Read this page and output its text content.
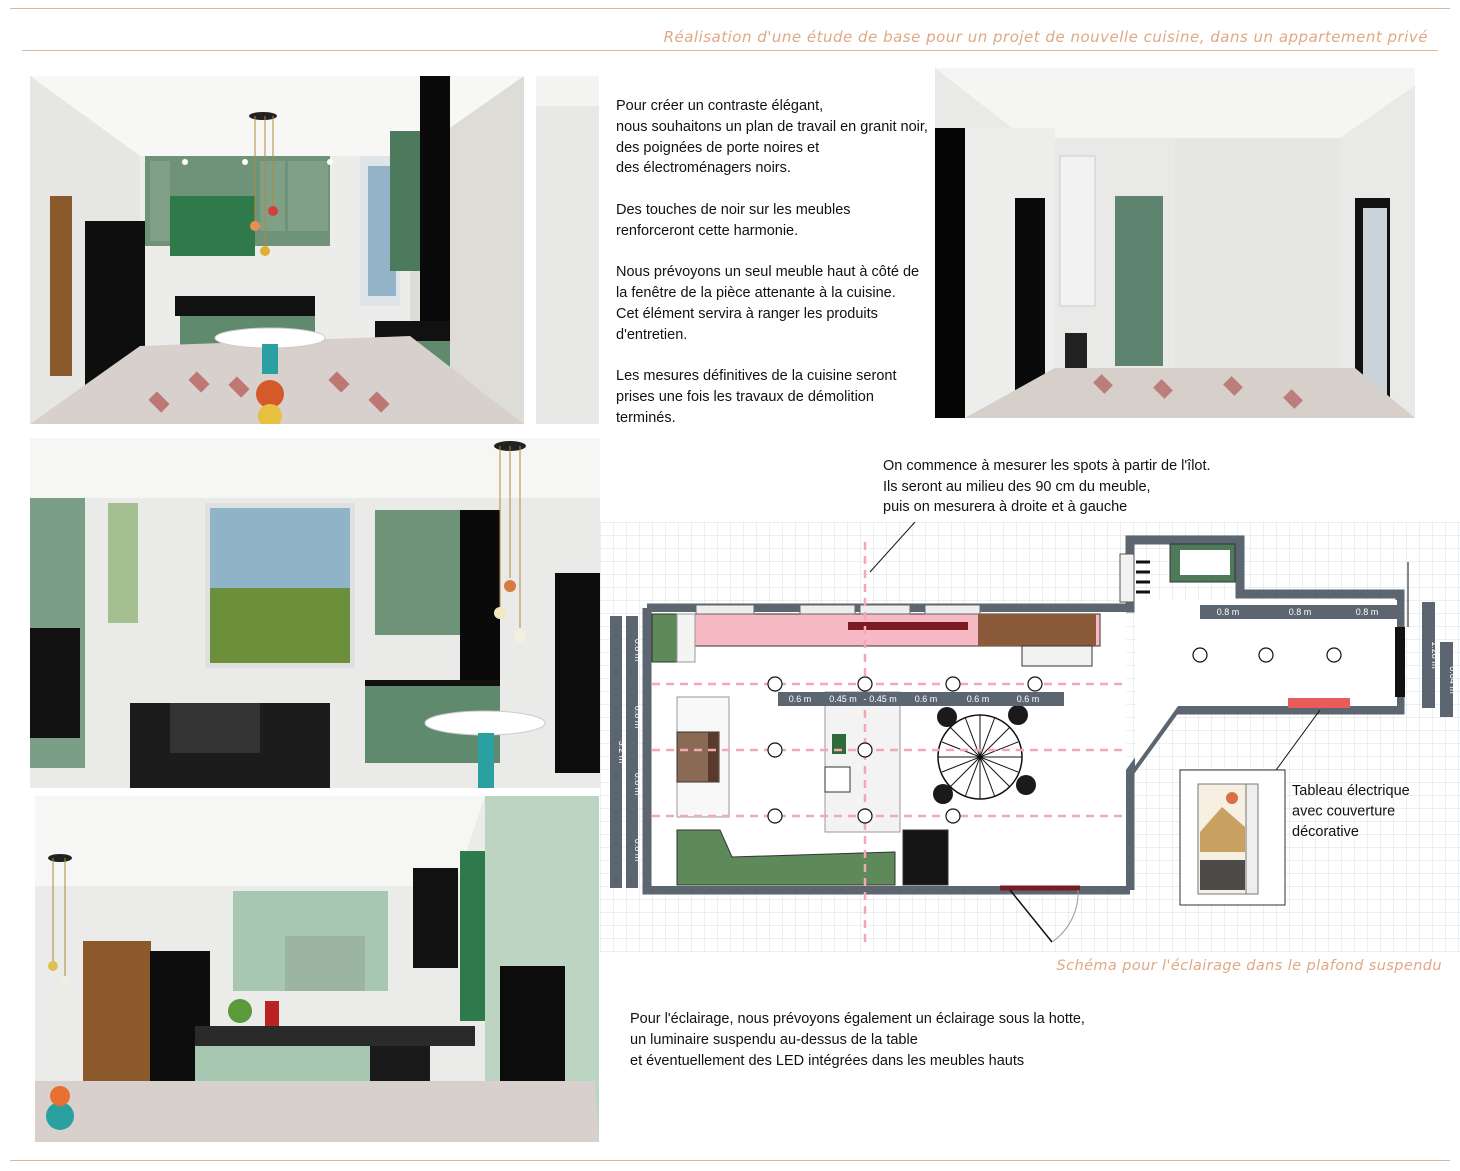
Réalisation d'une étude de base pour un projet de nouvelle cuisine, dans un appartement privé

Pour créer un contraste élégant,
nous souhaitons un plan de travail en granit noir,
des poignées de porte noires et
des électroménagers noirs.

Des touches de noir sur les meubles
renforceront cette harmonie.

Nous prévoyons un seul meuble haut à côté de
la fenêtre de la pièce attenante à la cuisine.
Cet élément servira à ranger les produits
d'entretien.

Les mesures définitives de la cuisine seront
prises une fois les travaux de démolition terminés.

On commence à mesurer les spots à partir de l'îlot.
Ils seront au milieu des 90 cm du meuble,
puis on mesurera à droite et à gauche
0.6 m 0.45 m 0.45 m 0.6 m	0.6 m	0.6 m
-
0.8 m	0.8 m	0.8 m
3.2 m
0.8 m
0.8 m
0.8 m
0.8 m
1.28 m
0.64 m
Tableau électrique avec couverture décorative
Schéma pour l'éclairage dans le plafond suspendu

Pour l'éclairage, nous prévoyons également un éclairage sous la hotte,
un luminaire suspendu au-dessus de la table
et éventuellement des LED intégrées dans les meubles hauts
